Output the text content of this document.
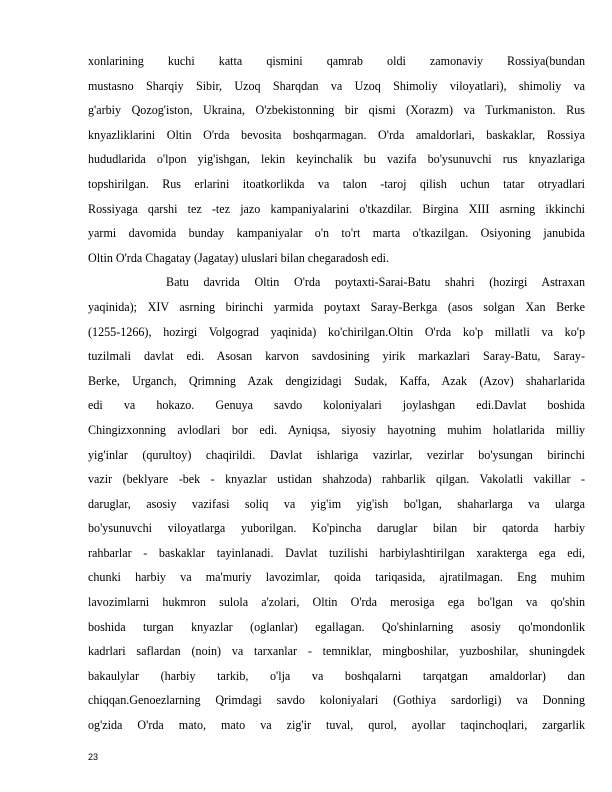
xonlarining kuchi katta qismini qamrab oldi zamonaviy Rossiya(bundan
mustasno Sharqiy Sibir, Uzoq Sharqdan va Uzoq Shimoliy viloyatlari), shimoliy va
g'arbiy Qozog'iston, Ukraina, O'zbekistonning bir qismi (Xorazm) va Turkmaniston. Rus
knyazliklarini Oltin O'rda bevosita boshqarmagan. O'rda amaldorlari, baskaklar, Rossiya
hududlarida o'lpon yig'ishgan, lekin keyinchalik bu vazifa bo'ysunuvchi rus knyazlariga
topshirilgan. Rus erlarini itoatkorlikda va talon -taroj qilish uchun tatar otryadlari
Rossiyaga qarshi tez -tez jazo kampaniyalarini o'tkazdilar. Birgina XIII asrning ikkinchi
yarmi davomida bunday kampaniyalar o'n to'rt marta o'tkazilgan. Osiyoning janubida
Oltin O'rda Chagatay (Jagatay) uluslari bilan chegaradosh edi.
Batu davrida Oltin O'rda poytaxti-Sarai-Batu shahri (hozirgi Astraxan
yaqinida); XIV asrning birinchi yarmida poytaxt Saray-Berkga (asos solgan Xan Berke
(1255-1266), hozirgi Volgograd yaqinida) ko'chirilgan.Oltin O'rda ko'p millatli va ko'p
tuzilmali davlat edi. Asosan karvon savdosining yirik markazlari Saray-Batu, Saray-
Berke, Urganch, Qrimning Azak dengizidagi Sudak, Kaffa, Azak (Azov) shaharlarida
edi va hokazo. Genuya savdo koloniyalari joylashgan edi.Davlat boshida
Chingizxonning avlodlari bor edi. Ayniqsa, siyosiy hayotning muhim holatlarida milliy
yig'inlar (qurultoy) chaqirildi. Davlat ishlariga vazirlar, vezirlar bo'ysungan birinchi
vazir (beklyare -bek - knyazlar ustidan shahzoda) rahbarlik qilgan. Vakolatli vakillar -
daruglar, asosiy vazifasi soliq va yig'im yig'ish bo'lgan, shaharlarga va ularga
bo'ysunuvchi viloyatlarga yuborilgan. Ko'pincha daruglar bilan bir qatorda harbiy
rahbarlar - baskaklar tayinlanadi. Davlat tuzilishi harbiylashtirilgan xarakterga ega edi,
chunki harbiy va ma'muriy lavozimlar, qoida tariqasida, ajratilmagan. Eng muhim
lavozimlarni hukmron sulola a'zolari, Oltin O'rda merosiga ega bo'lgan va qo'shin
boshida turgan knyazlar (oglanlar) egallagan. Qo'shinlarning asosiy qo'mondonlik
kadrlari saflardan (noin) va tarxanlar - temniklar, mingboshilar, yuzboshilar, shuningdek
bakaulylar (harbiy tarkib, o'lja va boshqalarni tarqatgan amaldorlar) dan
chiqqan.Genoezlarning Qrimdagi savdo koloniyalari (Gothiya sardorligi) va Donning
og'zida O'rda mato, mato va zig'ir tuval, qurol, ayollar taqinchoqlari, zargarlik
23
